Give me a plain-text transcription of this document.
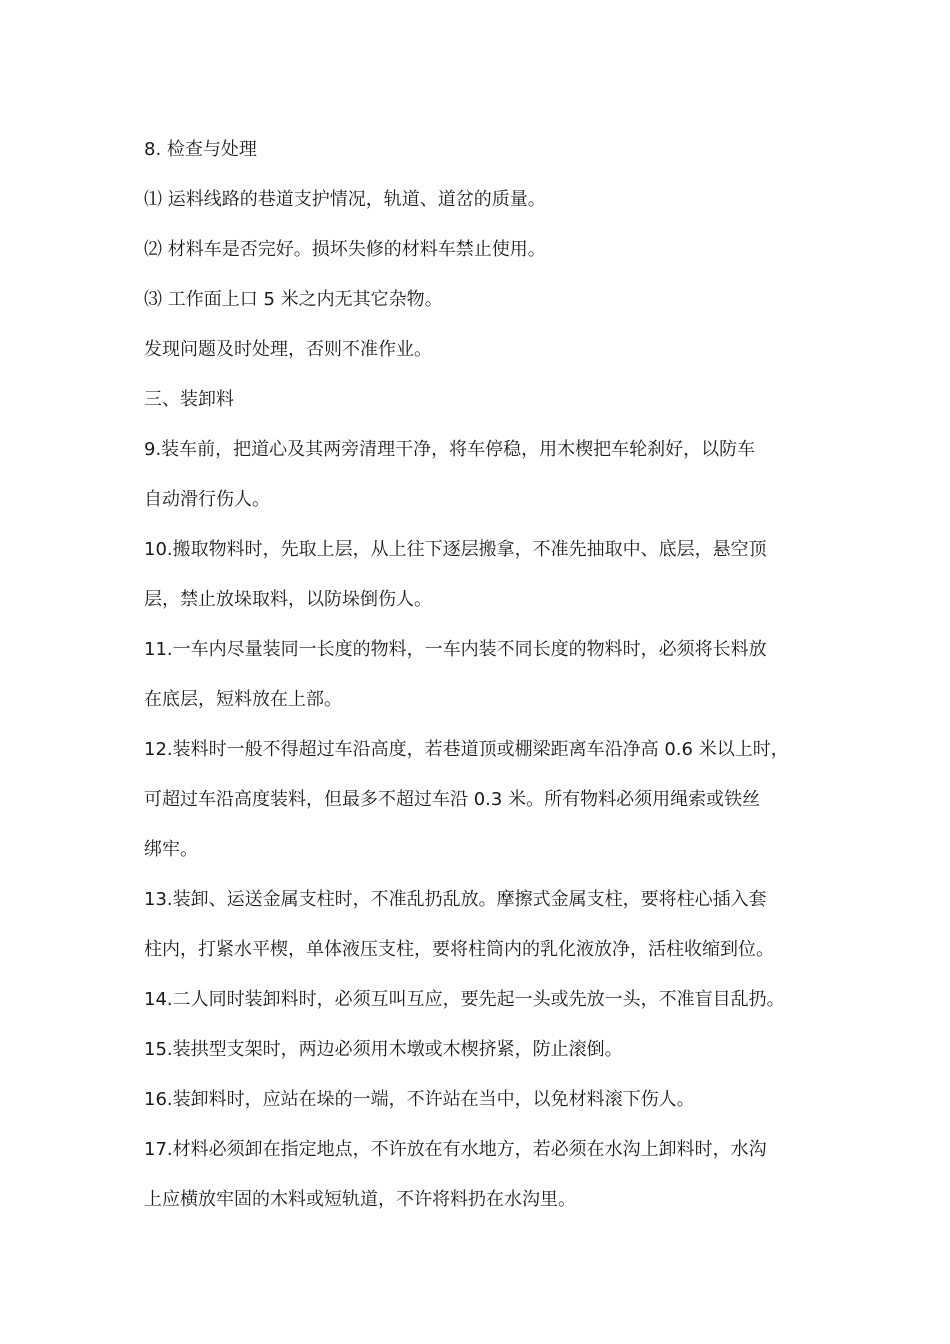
8. 检查与处理

⑴ 运料线路的巷道支护情况，轨道、道岔的质量。

⑵ 材料车是否完好。损坏失修的材料车禁止使用。

⑶ 工作面上口 5 米之内无其它杂物。

发现问题及时处理，否则不准作业。

三、装卸料

9.装车前，把道心及其两旁清理干净，将车停稳，用木楔把车轮刹好，以防车

自动滑行伤人。

10.搬取物料时，先取上层，从上往下逐层搬拿，不准先抽取中、底层，悬空顶

层，禁止放垛取料，以防垛倒伤人。

11.一车内尽量装同一长度的物料，一车内装不同长度的物料时，必须将长料放

在底层，短料放在上部。

12.装料时一般不得超过车沿高度，若巷道顶或棚梁距离车沿净高 0.6 米以上时，

可超过车沿高度装料，但最多不超过车沿 0.3 米。所有物料必须用绳索或铁丝

绑牢。

13.装卸、运送金属支柱时，不准乱扔乱放。摩擦式金属支柱，要将柱心插入套

柱内，打紧水平楔，单体液压支柱，要将柱筒内的乳化液放净，活柱收缩到位。

14.二人同时装卸料时，必须互叫互应，要先起一头或先放一头，不准盲目乱扔。

15.装拱型支架时，两边必须用木墩或木楔挤紧，防止滚倒。

16.装卸料时，应站在垛的一端，不许站在当中，以免材料滚下伤人。

17.材料必须卸在指定地点，不许放在有水地方，若必须在水沟上卸料时，水沟

上应横放牢固的木料或短轨道，不许将料扔在水沟里。
